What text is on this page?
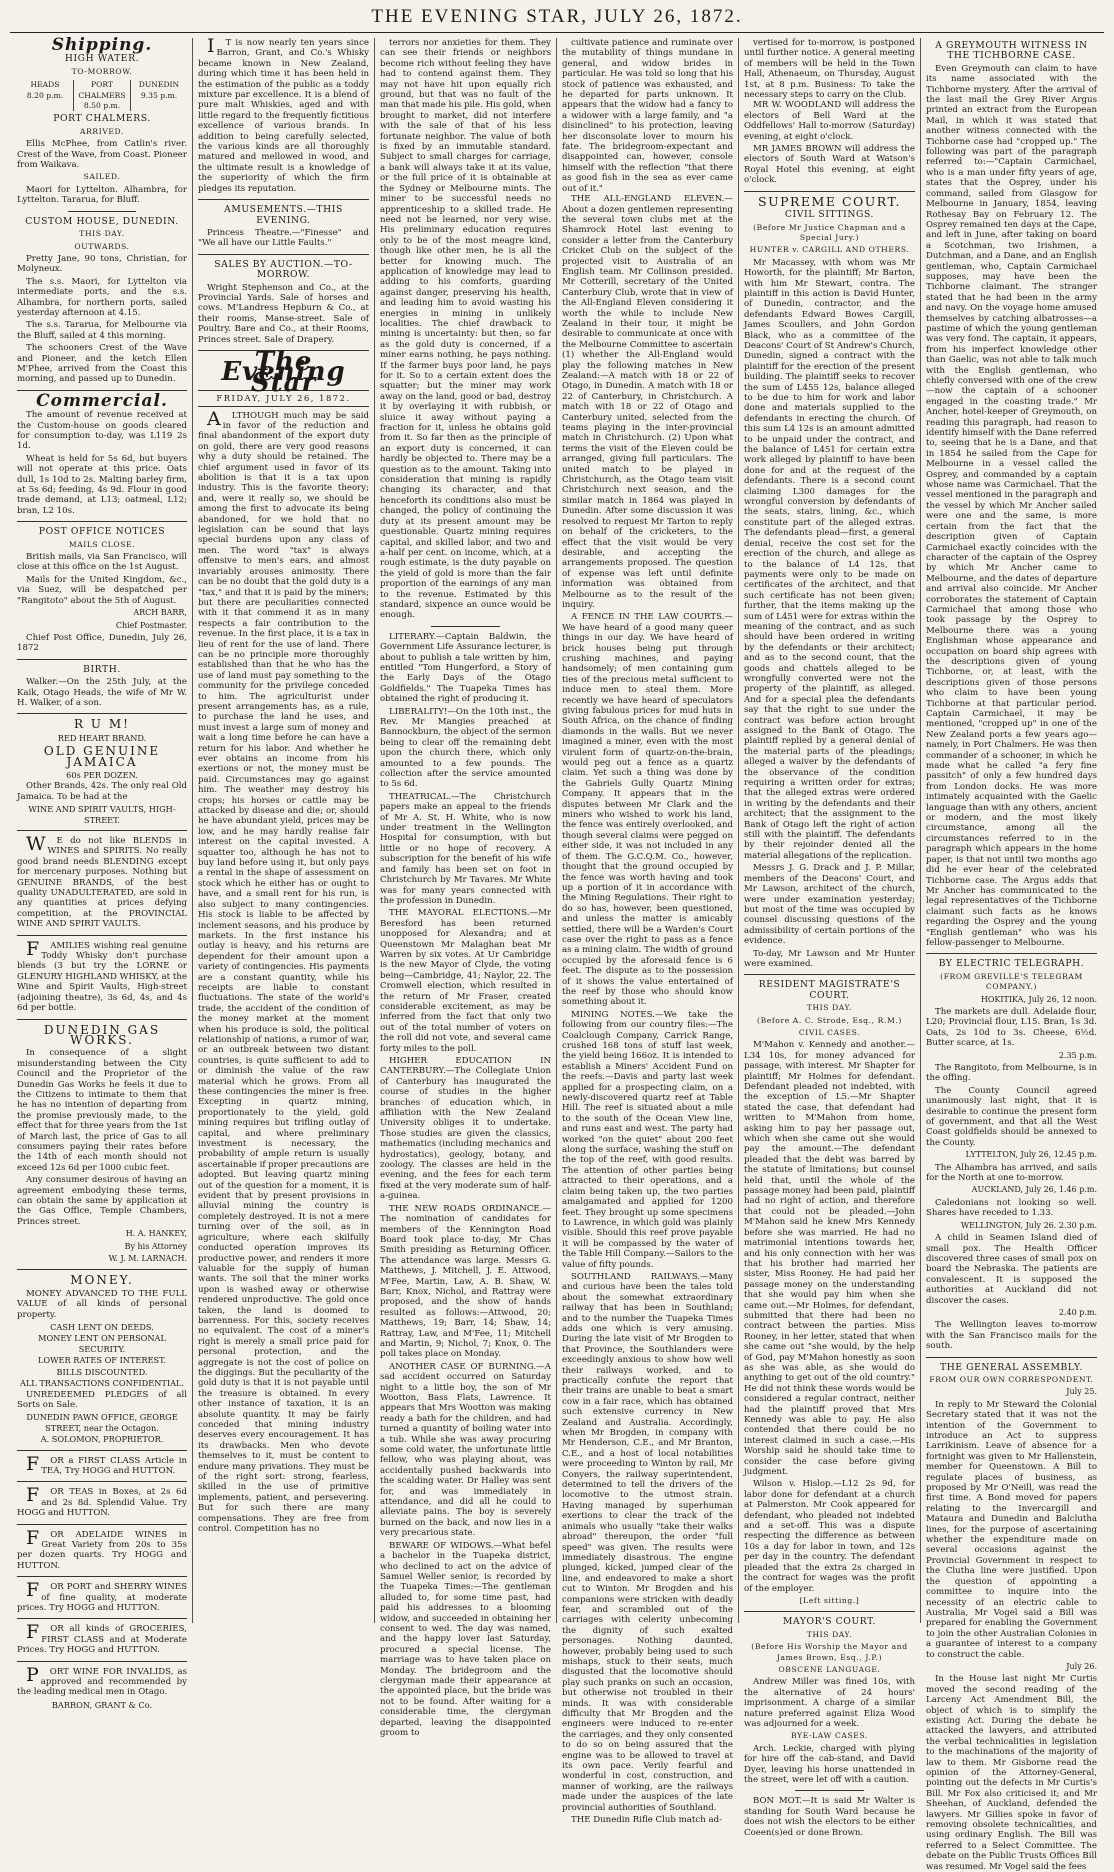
THE EVENING STAR, JULY 26, 1872.
Shipping.
HIGH WATER.
TO-MORROW.
HEADS
8.20 p.m.
PORT CHALMERS
8.50 p.m.
DUNEDIN
9.35 p.m.
PORT CHALMERS.
ARRIVED.
Ellis McPhee, from Catlin's river. Crest of the Wave, from Coast. Pioneer from Waikava.
SAILED.
Maori for Lyttelton. Alhambra, for Lyttelton. Tararua, for Bluff.
CUSTOM HOUSE, DUNEDIN.
THIS DAY.
OUTWARDS.
Pretty Jane, 90 tons, Christian, for Molyneux.
The s.s. Maori, for Lyttelton via intermediate ports, and the s.s. Alhambra, for northern ports, sailed yesterday afternoon at 4.15.
The s.s. Tararua, for Melbourne via the Bluff, sailed at 4 this morning.
The schooners Crest of the Wave and Pioneer, and the ketch Ellen M'Phee, arrived from the Coast this morning, and passed up to Dunedin.
Commercial.
The amount of revenue received at the Custom-house on goods cleared for consumption to-day, was L119 2s 1d.
Wheat is held for 5s 6d, but buyers will not operate at this price. Oats dull, 1s 10d to 2s. Malting barley firm, at 5s 6d; feeding, 4s 9d. Flour in good trade demand, at L13; oatmeal, L12; bran, L2 10s.
POST OFFICE NOTICES
MAILS CLOSE.
British mails, via San Francisco, will close at this office on the 1st August.
Mails for the United Kingdom, &c., via Suez, will be despatched per "Rangitoto" about the 5th of August.
ARCH BARR,
Chief Postmaster.
Chief Post Office, Dunedin, July 26, 1872
BIRTH.
Walker.—On the 25th July, at the Kaik, Otago Heads, the wife of Mr W. H. Walker, of a son.
R U M!
RED HEART BRAND.
OLD GENUINE JAMAICA
60s PER DOZEN.
Other Brands, 42s. The only real Old Jamaica. To be had at the
WINE AND SPIRIT VAULTS, HIGH-STREET.
WE do not like BLENDS in WINES and SPIRITS. No really good brand needs BLENDING except for mercenary purposes. Nothing but GENUINE BRANDS, of the best quality UNADULTERATED, are sold in any quantities at prices defying competition, at the PROVINCIAL WINE AND SPIRIT VAULTS.
FAMILIES wishing real genuine Toddy Whisky don't purchase blends (3 but try the LORNE or GLENURY HIGHLAND WHISKY, at the Wine and Spirit Vaults, High-street (adjoining theatre), 3s 6d, 4s, and 4s 6d per bottle.
DUNEDIN GAS WORKS.
In consequence of a slight misunderstanding between the City Council and the Proprietor of the Dunedin Gas Works he feels it due to the Citizens to intimate to them that he has no intention of departing from the promise previously made, to the effect that for three years from the 1st of March last, the price of Gas to all consumers paying their rates before the 14th of each month should not exceed 12s 6d per 1000 cubic feet.
Any consumer desirous of having an agreement embodying these terms, can obtain the same by application at the Gas Office, Temple Chambers, Princes street.
H. A. HANKEY,
By his Attorney
W. J. M. LARNACH.
MONEY.
MONEY ADVANCED TO THE FULL VALUE of all kinds of personal property.
CASH LENT ON DEEDS.
MONEY LENT ON PERSONAL SECURITY.
LOWER RATES OF INTEREST.
BILLS DISCOUNTED.
ALL TRANSACTIONS CONFIDENTIAL.
UNREDEEMED PLEDGES of all Sorts on Sale.
DUNEDIN PAWN OFFICE, GEORGE STREET, near the Octagon.
A. SOLOMON, PROPRIETOR.
FOR a FIRST CLASS Article in TEA, Try HOGG and HUTTON.
FOR TEAS in Boxes, at 2s 6d and 2s 8d. Splendid Value. Try HOGG and HUTTON.
FOR ADELAIDE WINES in Great Variety from 20s to 35s per dozen quarts. Try HOGG and HUTTON.
FOR PORT and SHERRY WINES of fine quality, at moderate prices. Try HOGG and HUTTON.
FOR all kinds of GROCERIES, FIRST CLASS and at Moderate Prices. Try HOGG and HUTTON.
PORT WINE FOR INVALIDS, as approved and recommended by the leading medical men in Otago.
BARRON, GRANT & Co.
IT is now nearly ten years since Barron, Grant, and Co.'s Whisky became known in New Zealand, during which time it has been held in the estimation of the public as a toddy mixture par excellence. It is a blend of pure malt Whiskies, aged and with little regard to the frequently fictitious excellence of various brands. In addition to being carefully selected, the various kinds are all thoroughly matured and mellowed in wood, and the ultimate result is a knowledge of the superiority of which the firm pledges its reputation.
AMUSEMENTS.—THIS EVENING.
Princess Theatre.—"Finesse" and "We all have our Little Faults."
SALES BY AUCTION.—TO-MORROW.
Wright Stephenson and Co., at the Provincial Yards. Sale of horses and cows. M'Landress Hepburn & Co., at their rooms, Manse-street. Sale of Poultry. Bare and Co., at their Rooms, Princes street. Sale of Drapery.
The Evening Star
FRIDAY, JULY 26, 1872.
ALTHOUGH much may be said in favor of the reduction and final abandonment of the export duty on gold, there are very good reasons why a duty should be retained. The chief argument used in favor of its abolition is that it is a tax upon industry. This is the favorite theory; and, were it really so, we should be among the first to advocate its being abandoned, for we hold that no legislation can be sound that lays special burdens upon any class of men. The word "tax" is always offensive to men's ears, and almost invariably arouses animosity. There can be no doubt that the gold duty is a "tax," and that it is paid by the miners; but there are peculiarities connected with it that commend it as in many respects a fair contribution to the revenue. In the first place, it is a tax in lieu of rent for the use of land. There can be no principle more thoroughly established than that he who has the use of land must pay something to the community for the privilege conceded to him. The agriculturist under present arrangements has, as a rule, to purchase the land he uses, and must invest a large sum of money and wait a long time before he can have a return for his labor. And whether he ever obtains an income from his exertions or not, the money must be paid. Circumstances may go against him. The weather may destroy his crops; his horses or cattle may be attacked by disease and die; or, should he have abundant yield, prices may be low, and he may hardly realise fair interest on the capital invested. A squatter too, although he has not to buy land before using it, but only pays a rental in the shape of assessment on stock which he either has or ought to have, and a small rent for his run, is also subject to many contingencies. His stock is liable to be affected by inclement seasons, and his produce by markets. In the first instance his outlay is heavy, and his returns are dependent for their amount upon a variety of contingencies. His payments are a constant quantity, while his receipts are liable to constant fluctuations. The state of the world's trade, the accident of the condition of the money market at the moment when his produce is sold, the political relationship of nations, a rumor of war, or an outbreak between two distant countries, is quite sufficient to add to or diminish the value of the raw material which he grows. From all these contingencies the miner is free. Excepting in quartz mining, proportionately to the yield, gold mining requires but trifling outlay of capital, and where preliminary investment is necessary, the probability of ample return is usually ascertainable if proper precautions are adopted. But leaving quartz mining out of the question for a moment, it is evident that by present provisions in alluvial mining the country is completely destroyed. It is not a mere turning over of the soil, as in agriculture, where each skilfully conducted operation improves its productive power, and renders it more valuable for the supply of human wants. The soil that the miner works upon is washed away or otherwise rendered unproductive. The gold once taken, the land is doomed to barrenness. For this, society receives no equivalent. The cost of a miner's right is merely a small price paid for personal protection, and the aggregate is not the cost of police on the diggings. But the peculiarity of the gold duty is that it is not payable until the treasure is obtained. In every other instance of taxation, it is an absolute quantity. It may be fairly conceded that mining industry deserves every encouragement. It has its drawbacks. Men who devote themselves to it, must be content to endure many privations. They must be of the right sort: strong, fearless, skilled in the use of primitive implements, patient, and persevering. But for such there are many compensations. They are free from control. Competition has no
terrors nor anxieties for them. They can see their friends or neighbors become rich without feeling they have had to contend against them. They may not have hit upon equally rich ground, but that was no fault of the man that made his pile. His gold, when brought to market, did not interfere with the sale of that of his less fortunate neighbor. The value of both is fixed by an immutable standard. Subject to small charges for carriage, a bank will always take it at its value, or the full price of it is obtainable at the Sydney or Melbourne mints. The miner to be successful needs no apprenticeship to a skilled trade. He need not be learned, nor very wise. His preliminary education requires only to be of the most meagre kind, though like other men, he is all the better for knowing much. The application of knowledge may lead to adding to his comforts, guarding against danger, preserving his health, and leading him to avoid wasting his energies in mining in unlikely localities. The chief drawback to mining is uncertainty: but then, so far as the gold duty is concerned, if a miner earns nothing, he pays nothing. If the farmer buys poor land, he pays for it. So to a certain extent does the squatter; but the miner may work away on the land, good or bad, destroy it by overlaying it with rubbish, or sluice it away without paying a fraction for it, unless he obtains gold from it. So far then as the principle of an export duty is concerned, it can hardly be objected to. There may be a question as to the amount. Taking into consideration that mining is rapidly changing its character, and that henceforth its conditions also must be changed, the policy of continuing the duty at its present amount may be questionable. Quartz mining requires capital, and skilled labor, and two and a-half per cent. on income, which, at a rough estimate, is the duty payable on the yield of gold is more than the fair proportion of the earnings of any man to the revenue. Estimated by this standard, sixpence an ounce would be enough.
LITERARY.—Captain Baldwin, the Government Life Assurance lecturer, is about to publish a tale written by him, entitled "Tom Hungerford, a Story of the Early Days of the Otago Goldfields." The Tuapeka Times has obtained the right of producing it.
LIBERALITY!—On the 10th inst., the Rev. Mr Mangies preached at Bannockburn, the object of the sermon being to clear off the remaining debt upon the church there, which only amounted to a few pounds. The collection after the service amounted to 5s 6d.
THEATRICAL.—The Christchurch papers make an appeal to the friends of Mr A. St. H. White, who is now under treatment in the Wellington Hospital for consumption, with but little or no hope of recovery. A subscription for the benefit of his wife and family has been set on foot in Christchurch by Mr Tavares. Mr White was for many years connected with the profession in Dunedin.
THE MAYORAL ELECTIONS.—Mr Beresford has been returned unopposed for Alexandra; and at Queenstown Mr Malaghan beat Mr Warren by six votes. At Ur Cambridge is the new Mayor of Clyde, the voting being—Cambridge, 41; Naylor, 22. The Cromwell election, which resulted in the return of Mr Fraser, created considerable excitement, as may be inferred from the fact that only two out of the total number of voters on the roll did not vote, and several came forty miles to the poll.
HIGHER EDUCATION IN CANTERBURY.—The Collegiate Union of Canterbury has inaugurated the course of studies in the higher branches of education which, in affiliation with the New Zealand University obliges it to undertake. Those studies are given the classics, mathematics (including mechanics and hydrostatics), geology, botany, and zoology. The classes are held in the evening, and the fees for each term fixed at the very moderate sum of half-a-guinea.
THE NEW ROADS ORDINANCE.—The nomination of candidates for members of the Kennington Road Board took place to-day, Mr Chas Smith presiding as Returning Officer. The attendance was large. Messrs G. Matthews, J. Mitchell, J. E. Attwood, M'Fee, Martin, Law, A. B. Shaw, W. Barr, Knox, Nichol, and Rattray were proposed, and the show of hands resulted as follows:—Attwood, 20; Matthews, 19; Barr, 14; Shaw, 14; Rattray, Law, and M'Fee, 11; Mitchell and Martin, 9; Nichol, 7; Knox, 0. The poll takes place on Monday.
ANOTHER CASE OF BURNING.—A sad accident occurred on Saturday night to a little boy, the son of Mr Wootton, Bass Flats, Lawrence. It appears that Mrs Wootton was making ready a bath for the children, and had turned a quantity of boiling water into a tub. While she was away procuring some cold water, the unfortunate little fellow, who was playing about, was accidentally pushed backwards into the scalding water. Dr Halley was sent for, and was immediately in attendance, and did all he could to alleviate pains. The boy is severely burned on the back, and now lies in a very precarious state.
BEWARE OF WIDOWS.—What befel a bachelor in the Tuapeka district, who declined to act on the advice of Samuel Weller senior, is recorded by the Tuapeka Times:—The gentleman alluded to, for some time past, had paid his addresses to a blooming widow, and succeeded in obtaining her consent to wed. The day was named, and the happy lover last Saturday, procured a special license. The marriage was to have taken place on Monday. The bridegroom and the clergyman made their appearance at the appointed place, but the bride was not to be found. After waiting for a considerable time, the clergyman departed, leaving the disappointed groom to
cultivate patience and ruminate over the mutability of things mundane in general, and widow brides in particular. He was told so long that his stock of patience was exhausted, and he departed for parts unknown. It appears that the widow had a fancy to a widower with a large family, and "a disinclined" to his protection, leaving her disconsolate lover to mourn his fate. The bridegroom-expectant and disappointed can, however, console himself with the reflection "that there as good fish in the sea as ever came out of it."
THE ALL-ENGLAND ELEVEN.—About a dozen gentlemen representing the several town clubs met at the Shamrock Hotel last evening to consider a letter from the Canterbury Cricket Club on the subject of the projected visit to Australia of an English team. Mr Collinson presided. Mr Cotterill, secretary of the United Canterbury Club, wrote that in view of the All-England Eleven considering it worth the while to include New Zealand in their tour, it might be desirable to communicate at once with the Melbourne Committee to ascertain (1) whether the All-England would play the following matches in New Zealand:—A match with 18 or 22 of Otago, in Dunedin. A match with 18 or 22 of Canterbury, in Christchurch. A match with 18 or 22 of Otago and Canterbury united, selected from the teams playing in the inter-provincial match in Christchurch. (2) Upon what terms the visit of the Eleven could be arranged, giving full particulars. The united match to be played in Christchurch, as the Otago team visit Christchurch next season, and the similar match in 1864 was played in Dunedin. After some discussion it was resolved to request Mr Tarton to reply on behalf of the cricketers, to the effect that the visit would be very desirable, and accepting the arrangements proposed. The question of expense was left until definite information was obtained from Melbourne as to the result of the inquiry.
A FENCE IN THE LAW COURTS.—We have heard of a good many queer things in our day. We have heard of brick houses being put through crushing machines, and paying handsomely; of men containing gum ties of the precious metal sufficient to induce men to steal them. More recently we have heard of speculators giving fabulous prices for mud huts in South Africa, on the chance of finding diamonds in the walls. But we never imagined a miner, even with the most virulent form of quartz-on-the-brain, would peg out a fence as a quartz claim. Yet such a thing was done by the Gabriels Gully Quartz Mining Company. It appears that in the disputes between Mr Clark and the miners who wished to work his land, the fence was entirely overlooked, and though several claims were pegged on either side, it was not included in any of them. The G.C.Q.M. Co., however, thought that the ground occupied by the fence was worth having and took up a portion of it in accordance with the Mining Regulations. Their right to do so has, however, been questioned, and unless the matter is amicably settled, there will be a Warden's Court case over the right to pass as a fence as a mining claim. The width of ground occupied by the aforesaid fence is 6 feet. The dispute as to the possession of it shows the value entertained of the reef by those who should know something about it.
MINING NOTES.—We take the following from our country files:—The Coalclough Company, Carrick Range, crushed 168 tons of stuff last week, the yield being 166oz. It is intended to establish a Miners' Accident Fund on the reefs.—Davis and party last week applied for a prospecting claim, on a newly-discovered quartz reef at Table Hill. The reef is situated about a mile to the south of the Ocean View line, and runs east and west. The party had worked "on the quiet" about 200 feet along the surface, washing the stuff on the top of the reef, with good results. The attention of other parties being attracted to their operations, and a claim being taken up, the two parties amalgamated and applied for 1200 feet. They brought up some specimens to Lawrence, in which gold was plainly visible. Should this reef prove payable it will be compassed by the water of the Table Hill Company.—Sailors to the value of fifty pounds.
SOUTHLAND RAILWAYS.—Many and curious have been the tales told about the somewhat extraordinary railway that has been in Southland; and to the number the Tuapeka Times adds one which is very amusing. During the late visit of Mr Brogden to that Province, the Southlanders were exceedingly anxious to show how well their railways worked, and to practically confute the report that their trains are unable to beat a smart cow in a fair race, which has obtained such extensive currency in New Zealand and Australia. Accordingly, when Mr Brogden, in company with Mr Henderson, C.E., and Mr Branton, C.E., and a host of local notabilities were proceeding to Winton by rail, Mr Conyers, the railway superintendent, determined to tell the drivers of the locomotive to the utmost strain. Having managed by superhuman exertions to clear the track of the animals who usually "take their walks abroad" thereupon, the order "full speed" was given. The results were immediately disastrous. The engine plunged, kicked, jumped clear of the line, and endeavored to make a short cut to Winton. Mr Brogden and his companions were stricken with deadly fear, and scrambled out of the carriages with celerity unbecoming the dignity of such exalted personages. Nothing daunted, however, probably being used to such mishaps, stuck to their seats, much disgusted that the locomotive should play such pranks on such an occasion, but otherwise not troubled in their minds. It was with considerable difficulty that Mr Brogden and the engineers were induced to re-enter the carriages, and they only consented to do so on being assured that the engine was to be allowed to travel at its own pace. Verily fearful and wonderful in cost, construction, and manner of working, are the railways made under the auspices of the late provincial authorities of Southland.
THE Dunedin Rifle Club match ad-
vertised for to-morrow, is postponed until further notice. A general meeting of members will be held in the Town Hall, Athenaeum, on Thursday, August 1st, at 8 p.m. Business: To take the necessary steps to carry on the Club.
MR W. WOODLAND will address the electors of Bell Ward at the Oddfellows' Hall to-morrow (Saturday) evening, at eight o'clock.
MR JAMES BROWN will address the electors of South Ward at Watson's Royal Hotel this evening, at eight o'clock.
SUPREME COURT.
CIVIL SITTINGS.
(Before Mr Justice Chapman and a Special Jury.)
HUNTER v. CARGILL AND OTHERS.
Mr Macassey, with whom was Mr Howorth, for the plaintiff; Mr Barton, with him Mr Stewart, contra. The plaintiff in this action is David Hunter, of Dunedin, contractor, and the defendants Edward Bowes Cargill, James Scoullers, and John Gordon Black, who as a committee of the Deacons' Court of St Andrew's Church, Dunedin, signed a contract with the plaintiff for the erection of the present building. The plaintiff seeks to recover the sum of L455 12s, balance alleged to be due to him for work and labor done and materials supplied to the defendants in erecting the church. Of this sum L4 12s is an amount admitted to be unpaid under the contract, and the balance of L451 for certain extra work alleged by plaintiff to have been done for and at the request of the defendants. There is a second count claiming L300 damages for the wrongful conversion by defendants of the seats, stairs, lining, &c., which constitute part of the alleged extras. The defendants plead—first, a general denial, receive the cost set for the erection of the church, and allege as to the balance of L4 12s, that payments were only to be made on certificates of the architect, and that such certificate has not been given; further, that the items making up the sum of L451 were for extras within the meaning of the contract, and as such should have been ordered in writing by the defendants or their architect; and as to the second count, that the goods and chattels alleged to be wrongfully converted were not the property of the plaintiff, as alleged. And for a special plea the defendants say that the right to sue under the contract was before action brought assigned to the Bank of Otago. The plaintiff replied by a general denial of the material parts of the pleadings; alleged a waiver by the defendants of the observance of the condition requiring a written order for extras; that the alleged extras were ordered in writing by the defendants and their architect; that the assignment to the Bank of Otago left the right of action still with the plaintiff. The defendants by their rejoinder denied all the material allegations of the replication.
Messrs J. G. Drack and J. P. Millar, members of the Deacons' Court, and Mr Lawson, architect of the church, were under examination yesterday; but most of the time was occupied by counsel discussing questions of the admissibility of certain portions of the evidence.
To-day, Mr Lawson and Mr Hunter were examined.
RESIDENT MAGISTRATE'S COURT.
THIS DAY.
(Before A. C. Strode, Esq., R.M.)
CIVIL CASES.
M'Mahon v. Kennedy and another.—L34 10s, for money advanced for passage, with interest. Mr Shapter for plaintiff; Mr Holmes for defendant. Defendant pleaded not indebted, with the exception of L5.—Mr Shapter stated the case, that defendant had written to M'Mahon from home, asking him to pay her passage out, which when she came out she would pay the amount.—The defendant pleaded that the debt was barred by the statute of limitations; but counsel held that, until the whole of the passage money had been paid, plaintiff had no right of action, and therefore that could not be pleaded.—John M'Mahon said he knew Mrs Kennedy before she was married. He had no matrimonial intentions towards her, and his only connection with her was that his brother had married her sister, Miss Rooney. He had paid her passage money on the understanding that she would pay him when she came out.—Mr Holmes, for defendant, submitted that there had been no contract between the parties. Miss Rooney, in her letter, stated that when she came out "she would, by the help of God, pay M'Mahon honestly as soon as she was able, as she would do anything to get out of the old country." He did not think these words would be considered a regular contract, neither had the plaintiff proved that Mrs Kennedy was able to pay. He also contended that there could be no interest claimed in such a case.—His Worship said he should take time to consider the case before giving judgment.
Wilson v. Hislop.—L12 2s 9d, for labor done for defendant at a church at Palmerston. Mr Cook appeared for defendant, who pleaded not indebted and a set-off. This was a dispute respecting the difference as between 10s a day for labor in town, and 12s per day in the country. The defendant pleaded that the extra 2s charged in the contract for wages was the profit of the employer.
[Left sitting.]
MAYOR'S COURT.
THIS DAY.
(Before His Worship the Mayor and James Brown, Esq., J.P.)
OBSCENE LANGUAGE.
Andrew Miller was fined 10s, with the alternative of 24 hours' imprisonment. A charge of a similar nature preferred against Eliza Wood was adjourned for a week.
BYE-LAW CASES.
Arch. Leckie, charged with plying for hire off the cab-stand, and David Dyer, leaving his horse unattended in the street, were let off with a caution.
BON MOT.—It is said Mr Walter is standing for South Ward because he does not wish the electors to be either Coeen(s)ed or done Brown.
A GREYMOUTH WITNESS IN THE TICHBORNE CASE.
Even Greymouth can claim to have its name associated with the Tichborne mystery. After the arrival of the last mail the Grey River Argus printed an extract from the European Mail, in which it was stated that another witness connected with the Tichborne case had "cropped up." The following was part of the paragraph referred to:—"Captain Carmichael, who is a man under fifty years of age, states that the Osprey, under his command, sailed from Glasgow for Melbourne in January, 1854, leaving Rothesay Bay on February 12. The Osprey remained ten days at the Cape, and left in June, after taking on board a Scotchman, two Irishmen, a Dutchman, and a Dane, and an English gentleman, who, Captain Carmichael supposes, may have been the Tichborne claimant. The stranger stated that he had been in the army and navy. On the voyage home amused themselves by catching albatrosses—a pastime of which the young gentleman was very fond. The captain, it appears, from his imperfect knowledge other than Gaelic, was not able to talk much with the English gentleman, who chiefly conversed with one of the crew—now the captain of a schooner engaged in the coasting trade." Mr Ancher, hotel-keeper of Greymouth, on reading this paragraph, had reason to identify himself with the Dane referred to, seeing that he is a Dane, and that in 1854 he sailed from the Cape for Melbourne in a vessel called the Osprey, and commanded by a captain whose name was Carmichael. That the vessel mentioned in the paragraph and the vessel by which Mr Ancher sailed were one and the same, is more certain from the fact that the description given of Captain Carmichael exactly coincides with the character of the captain of the Osprey by which Mr Ancher came to Melbourne, and the dates of departure and arrival also coincide. Mr Ancher corroborates the statement of Captain Carmichael that among those who took passage by the Osprey to Melbourne there was a young Englishman whose appearance and occupation on board ship agrees with the descriptions given of young Tichborne, or, at least, with the descriptions given of those persons who claim to have been young Tichborne at that particular period. Captain Carmichael, it may be mentioned, "cropped up" in one of the New Zealand ports a few years ago—namely, in Port Chalmers. He was then commander of a schooner, in which he made what he called "a fery fine passitch" of only a few hundred days from London docks. He was more intimately acquainted with the Gaelic language than with any others, ancient or modern, and the most likely circumstance, among all the circumstances referred to in the paragraph which appears in the home paper, is that not until two months ago did he ever hear of the celebrated Tichborne case. The Argus adds that Mr Ancher has communicated to the legal representatives of the Tichborne claimant such facts as he knows regarding the Osprey and the young "English gentleman" who was his fellow-passenger to Melbourne.
BY ELECTRIC TELEGRAPH.
(FROM GREVILLE'S TELEGRAM COMPANY.)
HOKITIKA, July 26, 12 noon.
The markets are dull. Adelaide flour, L20; Provincial flour, L15. Bran, 1s 3d. Oats, 2s 10d to 3s. Cheese, 6½d. Butter scarce, at 1s.
2.35 p.m.
The Rangitoto, from Melbourne, is in the offing.
The County Council agreed unanimously last night, that it is desirable to continue the present form of government, and that all the West Coast goldfields should be annexed to the County.
LYTTELTON, July 26, 12.45 p.m.
The Alhambra has arrived, and sails for the North at one to-morrow.
AUCKLAND, July 26, 1.46 p.m.
Caledonians not looking so well. Shares have receded to 1.33.
WELLINGTON, July 26. 2.30 p.m.
A child in Seamen Island died of small pox. The Health Officer discovered three cases of small pox on board the Nebraska. The patients are convalescent. It is supposed the authorities at Auckland did not discover the cases.
2.40 p.m.
The Wellington leaves to-morrow with the San Francisco mails for the south.
THE GENERAL ASSEMBLY.
FROM OUR OWN CORRESPONDENT.
July 25.
In reply to Mr Steward the Colonial Secretary stated that it was not the intention of the Government to introduce an Act to suppress Larrikinism. Leave of absence for a fortnight was given to Mr Hallenstein, member for Queenstown. A Bill to regulate places of business, as proposed by Mr O'Neill, was read the first time. A Bond moved for papers relating to the Invercargill and Mataura and Dunedin and Balclutha lines, for the purpose of ascertaining whether the expenditure made on several occasions against the Provincial Government in respect to the Clutha line were justified. Upon the question of appointing a committee to inquire into the necessity of an electric cable to Australia, Mr Vogel said a Bill was prepared for enabling the Government to join the other Australian Colonies in a guarantee of interest to a company to construct the cable.
July 26.
In the House last night Mr Curtis moved the second reading of the Larceny Act Amendment Bill, the object of which is to simplify the existing Act. During the debate he attacked the lawyers, and attributed the verbal technicalities in legislation to the machinations of the majority of law to them. Mr Gisborne read the opinion of the Attorney-General, pointing out the defects in Mr Curtis's Bill. Mr Fox also criticised it; and Mr Sheehan, of Auckland, defended the lawyers. Mr Gillies spoke in favor of removing obsolete technicalities, and using ordinary English. The Bill was referred to a Select Committee. The debate on the Public Trusts Offices Bill was resumed. Mr Vogel said the fees
